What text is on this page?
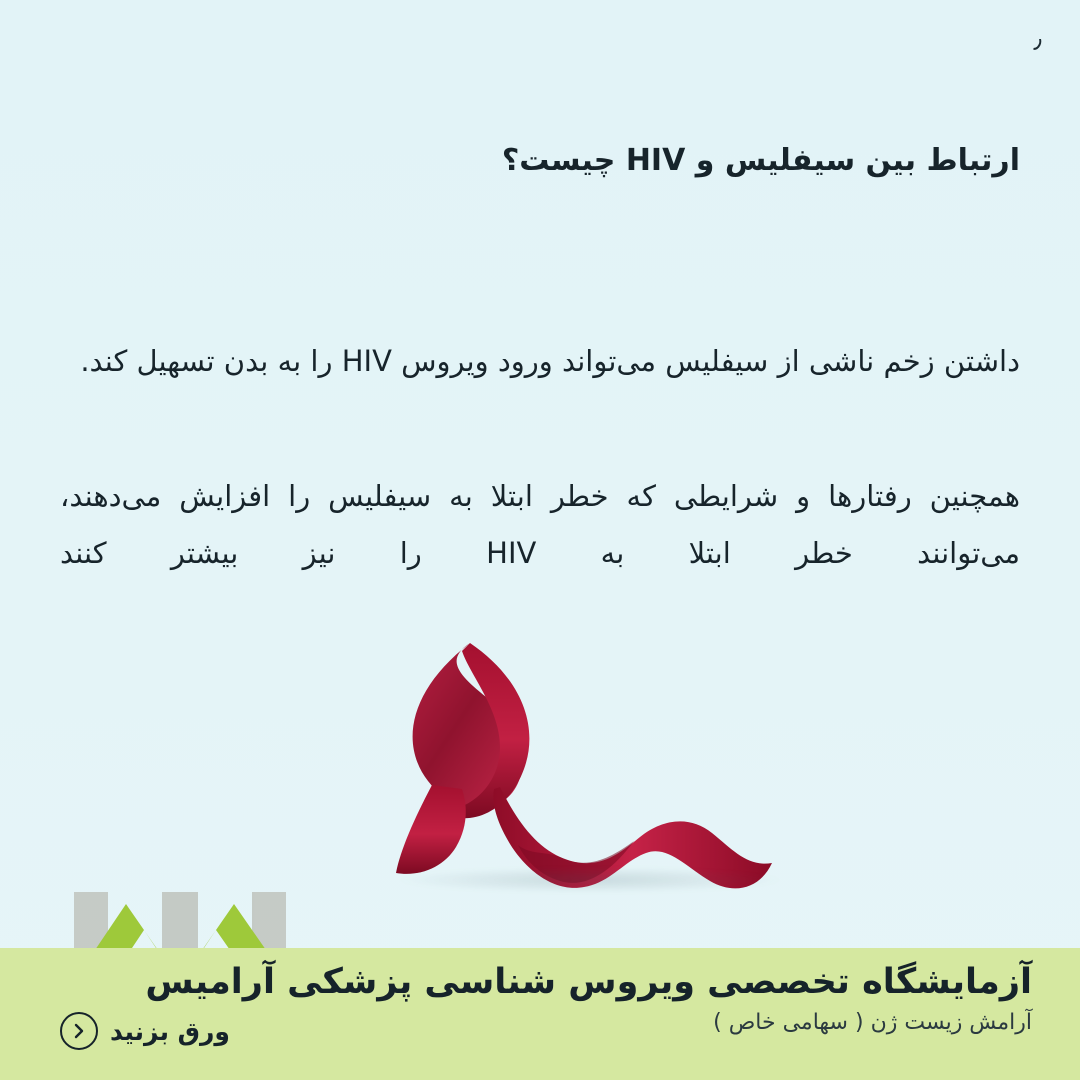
٫
ارتباط بین سیفلیس و HIV چیست؟
داشتن زخم ناشی از سیفلیس می‌تواند ورود ویروس HIV را به بدن تسهیل کند.
همچنین رفتارها و شرایطی که خطر ابتلا به سیفلیس را افزایش می‌دهند،
می‌توانند خطر ابتلا به HIV را نیز بیشتر کنند
آزمایشگاه تخصصی ویروس شناسی پزشکی آرامیس
آرامش زیست ژن ( سهامی خاص )
ورق بزنید
